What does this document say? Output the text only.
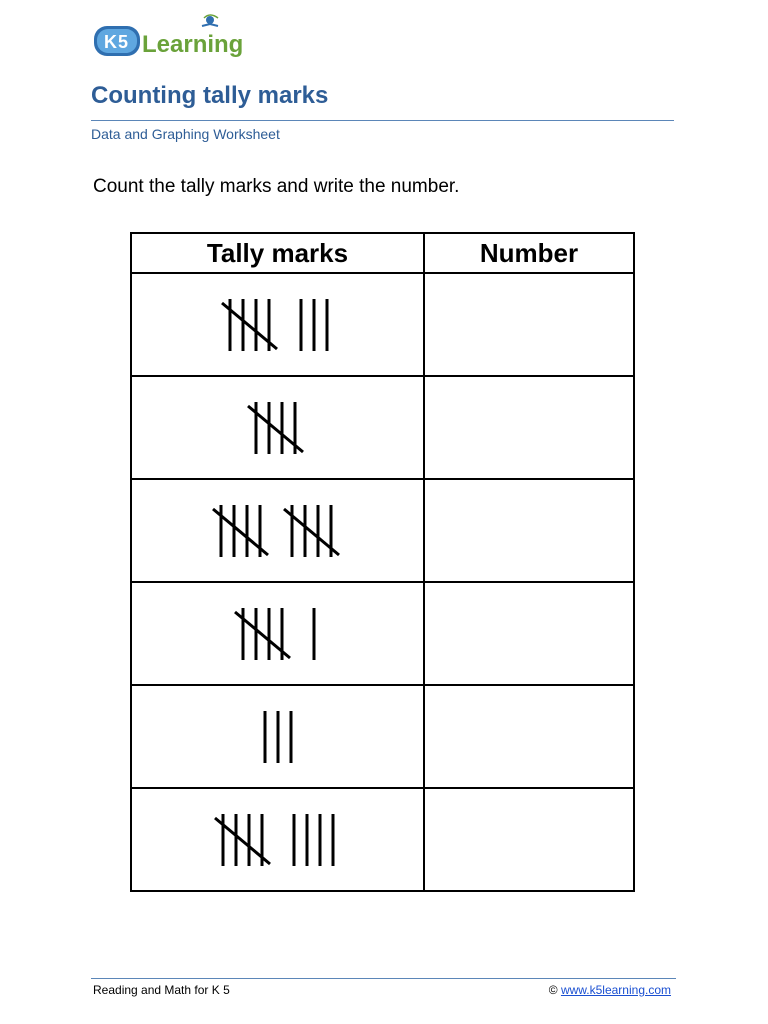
K 5 Learning
Counting tally marks
Data and Graphing Worksheet
Count the tally marks and write the number.
Tally marks	Number

Reading and Math for K 5	© www.k5learning.com
